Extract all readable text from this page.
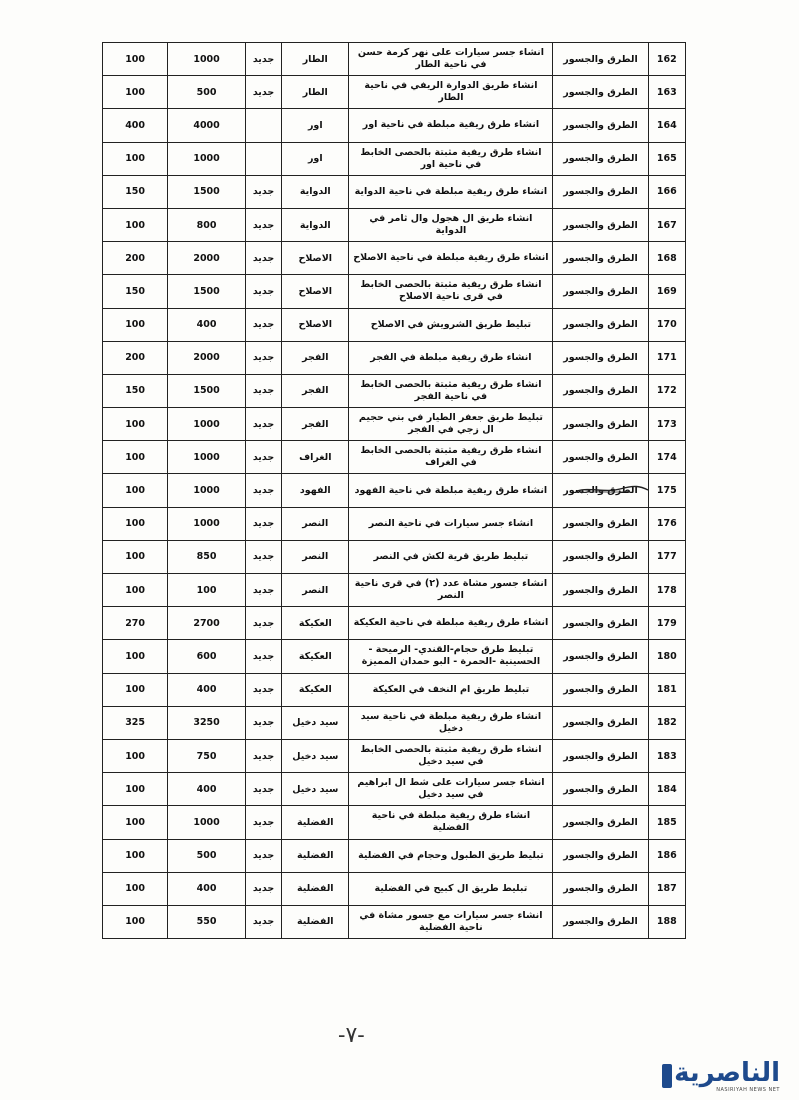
100	1000	جديد	الطار	انشاء جسر سيارات على نهر كرمة حسن في ناحية الطار	الطرق والجسور	162
100	500	جديد	الطار	انشاء طريق الدوارة الريفي في ناحية الطار	الطرق والجسور	163
400	4000		اور	انشاء طرق ريفية مبلطة في ناحية اور	الطرق والجسور	164
100	1000		اور	انشاء طرق ريفية مثبتة بالحصى الخابط في ناحية اور	الطرق والجسور	165
150	1500	جديد	الدواية	انشاء طرق ريفية مبلطة في ناحية الدواية	الطرق والجسور	166
100	800	جديد	الدواية	انشاء طريق ال هجول وال ثامر في الدواية	الطرق والجسور	167
200	2000	جديد	الاصلاح	انشاء طرق ريفية مبلطة في ناحية الاصلاح	الطرق والجسور	168
150	1500	جديد	الاصلاح	انشاء طرق ريفية مثبتة بالحصى الخابط في قرى ناحية الاصلاح	الطرق والجسور	169
100	400	جديد	الاصلاح	تبليط طريق الشرويش في الاصلاح	الطرق والجسور	170
200	2000	جديد	الفجر	انشاء طرق ريفية مبلطة في الفجر	الطرق والجسور	171
150	1500	جديد	الفجر	انشاء طرق ريفية مثبتة بالحصى الخابط في ناحية الفجر	الطرق والجسور	172
100	1000	جديد	الفجر	تبليط طريق جعفر الطيار في بني حجيم ال زجي في الفجر	الطرق والجسور	173
100	1000	جديد	الغراف	انشاء طرق ريفية مثبتة بالحصى الخابط في الغراف	الطرق والجسور	174
100	1000	جديد	الفهود	انشاء طرق ريفية مبلطة في ناحية الفهود	الطرق والجسور	175
100	1000	جديد	النصر	انشاء جسر سيارات في ناحية النصر	الطرق والجسور	176
100	850	جديد	النصر	تبليط طريق قرية لكش في النصر	الطرق والجسور	177
100	100	جديد	النصر	انشاء جسور مشاة عدد (٢) في قرى ناحية النصر	الطرق والجسور	178
270	2700	جديد	العكيكة	انشاء طرق ريفية مبلطة في ناحية العكيكة	الطرق والجسور	179
100	600	جديد	العكيكة	تبليط طرق حجام-القندي- الرميحة - الحسينية -الحمرة - البو حمدان المميزة	الطرق والجسور	180
100	400	جديد	العكيكة	تبليط طريق ام النخف في العكيكة	الطرق والجسور	181
325	3250	جديد	سيد دخيل	انشاء طرق ريفية مبلطة في ناحية سيد دخيل	الطرق والجسور	182
100	750	جديد	سيد دخيل	انشاء طرق ريفية مثبتة بالحصى الخابط في سيد دخيل	الطرق والجسور	183
100	400	جديد	سيد دخيل	انشاء جسر سيارات على شط ال ابراهيم في سيد دخيل	الطرق والجسور	184
100	1000	جديد	الفضلية	انشاء طرق ريفية مبلطة في ناحية الفضلية	الطرق والجسور	185
100	500	جديد	الفضلية	تبليط طريق الطبول وحجام في الفضلية	الطرق والجسور	186
100	400	جديد	الفضلية	تبليط طريق ال كبيح في الفضلية	الطرق والجسور	187
100	550	جديد	الفضلية	انشاء جسر سيارات مع جسور مشاة في ناحية الفضلية	الطرق والجسور	188
-٧-
الناصرية
NASIRIYAH NEWS NET
